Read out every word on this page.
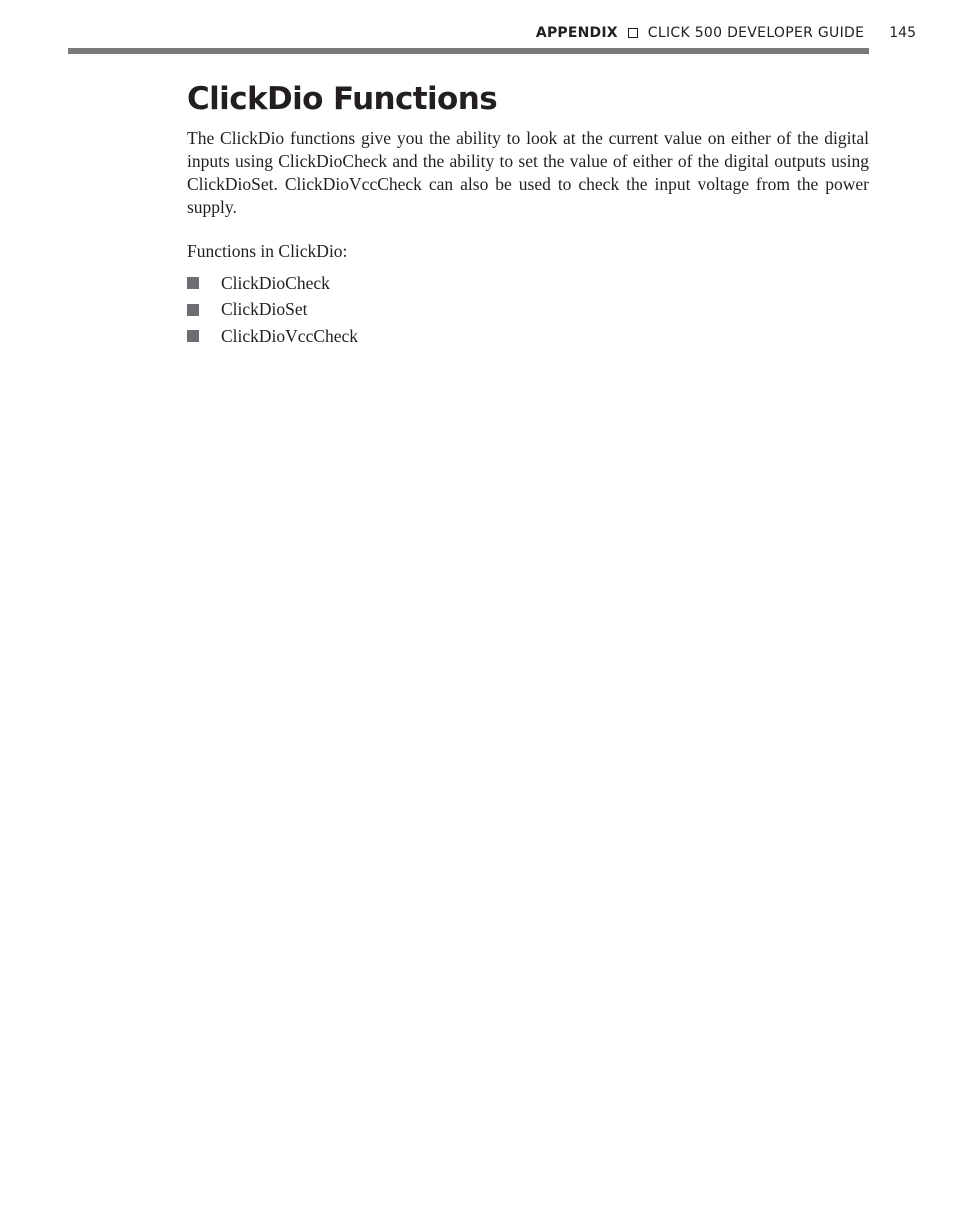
APPENDIX CLICK 500 DEVELOPER GUIDE 145
ClickDio Functions

The ClickDio functions give you the ability to look at the current value on either of the digital inputs using ClickDioCheck and the ability to set the value of either of the digital outputs using ClickDioSet. ClickDioVccCheck can also be used to check the input voltage from the power supply.

Functions in ClickDio:

ClickDioCheck
ClickDioSet
ClickDioVccCheck
